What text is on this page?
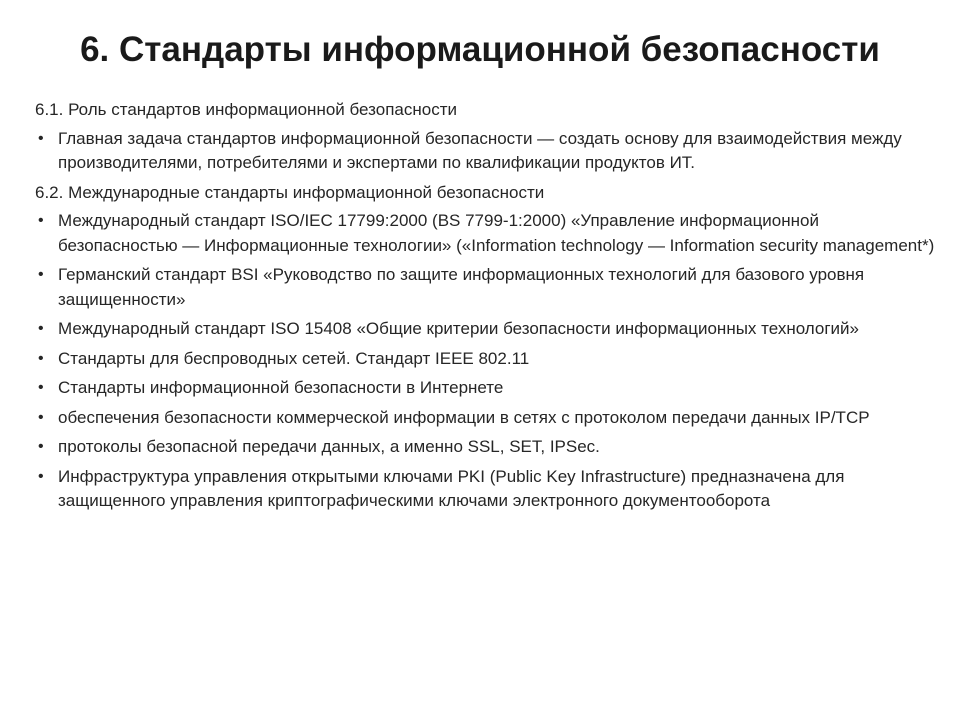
6. Стандарты информационной безопасности
6.1. Роль стандартов информационной безопасности
• Главная задача стандартов информационной безопасности — создать основу для взаимодействия между производителями, потребителями и экспертами по квалификации продуктов ИТ.
6.2. Международные стандарты информационной безопасности
• Международный стандарт ISO/IEC 17799:2000 (BS 7799-1:2000) «Управление информационной безопасностью — Информационные технологии» («Information technology — Information security management*)
• Германский стандарт BSI «Руководство по защите информационных технологий для базового уровня защищенности»
• Международный стандарт ISO 15408 «Общие критерии безопасности информационных технологий»
• Стандарты для беспроводных сетей. Стандарт IEEE 802.11
• Стандарты информационной безопасности в Интернете
• обеспечения безопасности коммерческой информации в сетях с протоколом передачи данных IP/TCP
• протоколы безопасной передачи данных, а именно SSL, SET, IPSec.
• Инфраструктура управления открытыми ключами PKI (Public Key Infrastructure) предназначена для защищенного управления криптографическими ключами электронного документооборота
